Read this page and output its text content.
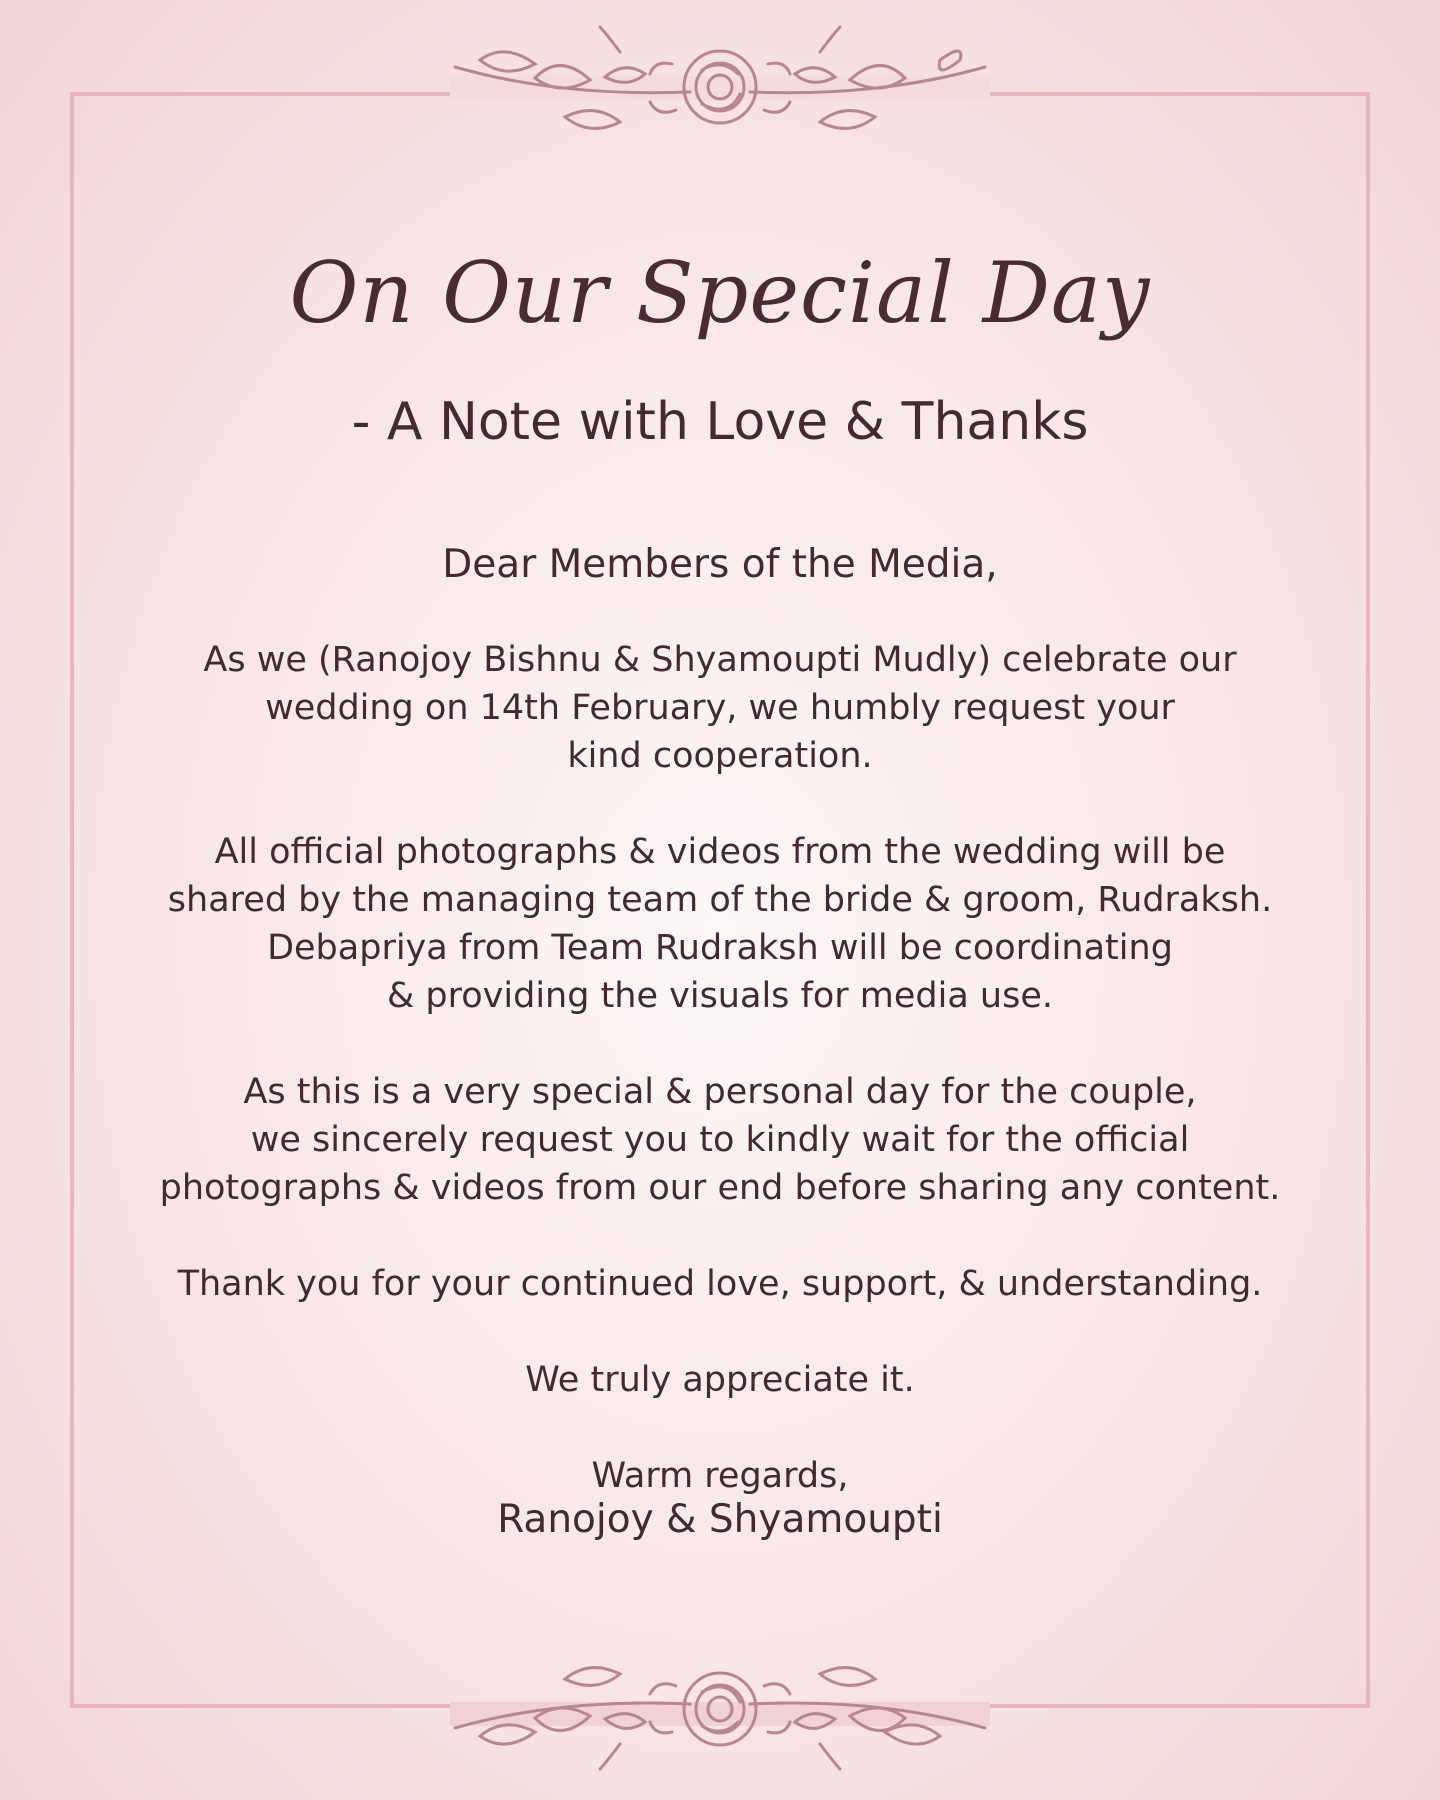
On Our Special Day
- A Note with Love & Thanks
Dear Members of the Media,
As we (Ranojoy Bishnu & Shyamoupti Mudly) celebrate our
wedding on 14th February, we humbly request your
kind cooperation.
All official photographs & videos from the wedding will be
shared by the managing team of the bride & groom, Rudraksh.
Debapriya from Team Rudraksh will be coordinating
& providing the visuals for media use.
As this is a very special & personal day for the couple,
we sincerely request you to kindly wait for the official
photographs & videos from our end before sharing any content.
Thank you for your continued love, support, & understanding.
We truly appreciate it.
Warm regards,
Ranojoy & Shyamoupti
